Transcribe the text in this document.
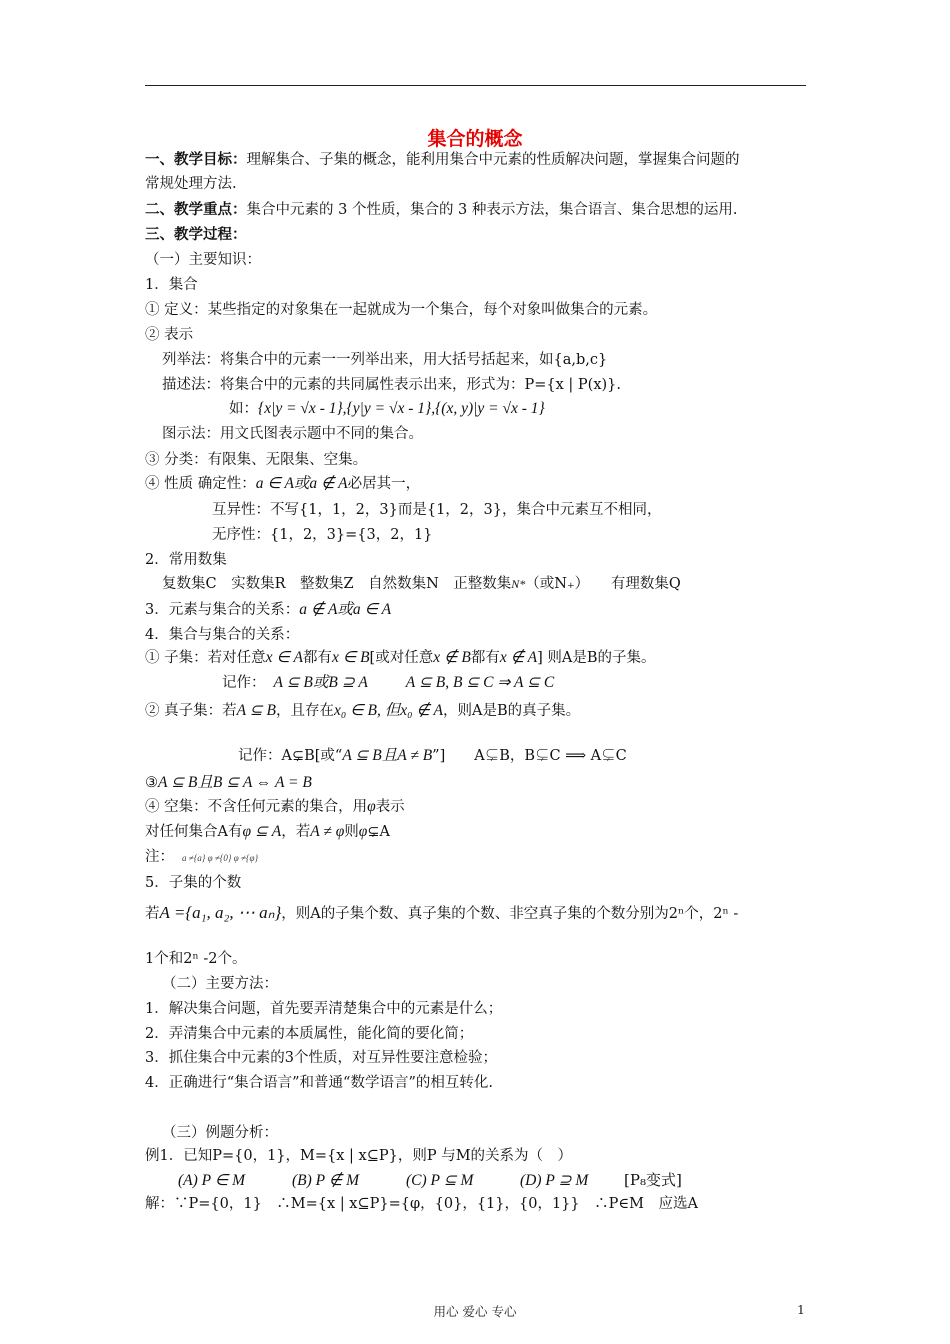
集合的概念
一、教学目标：理解集合、子集的概念，能利用集合中元素的性质解决问题，掌握集合问题的
常规处理方法.
二、教学重点：集合中元素的 3 个性质，集合的 3 种表示方法，集合语言、集合思想的运用.
三、教学过程：
（一）主要知识：
1．集合
① 定义：某些指定的对象集在一起就成为一个集合，每个对象叫做集合的元素。
② 表示
列举法：将集合中的元素一一列举出来，用大括号括起来，如{a,b,c}
描述法：将集合中的元素的共同属性表示出来，形式为：P={x | P(x)}.
如：{x|y = √x - 1},{y|y = √x - 1},{(x, y)|y = √x - 1}
图示法：用文氏图表示题中不同的集合。
③ 分类：有限集、无限集、空集。
④ 性质 确定性：a ∈ A或a ∉ A必居其一，
互异性：不写{1，1，2，3}而是{1，2，3}，集合中元素互不相同，
无序性：{1，2，3}={3，2，1}
2．常用数集
复数集C　实数集R　整数集Z　自然数集N　正整数集N*（或N₊）　　有理数集Q
3．元素与集合的关系：a ∉ A或a ∈ A
4．集合与集合的关系：
① 子集：若对任意x ∈ A都有x ∈ B[或对任意x ∉ B都有x ∉ A] 则A是B的子集。
记作： A ⊆ B或B ⊇ A A ⊆ B, B ⊆ C ⇒ A ⊆ C
② 真子集：若A ⊆ B，且存在x₀ ∈ B, 但x₀ ∉ A，则A是B的真子集。
记作：A⊊B[或“A ⊆ B且A ≠ B”]　　A⊊B，B⊊C ⟹ A⊊C
③A ⊆ B且B ⊆ A ⇔ A = B
④ 空集：不含任何元素的集合，用φ表示
对任何集合A有φ ⊆ A，若A ≠ φ则φ⊊A
注： a ≠{a} φ ≠{0} φ ≠{φ}
5．子集的个数
若A ={a₁, a₂, ⋯ aₙ}，则A的子集个数、真子集的个数、非空真子集的个数分别为2ⁿ个，2ⁿ -
1个和2ⁿ -2个。
（二）主要方法：
1．解决集合问题，首先要弄清楚集合中的元素是什么；
2．弄清集合中元素的本质属性，能化简的要化简；
3．抓住集合中元素的3个性质，对互异性要注意检验；
4．正确进行“集合语言”和普通“数学语言”的相互转化.
（三）例题分析：
例1．已知P={0，1}，M={x | x⊆P}，则P 与M的关系为（　）
(A) P ∈ M	(B) P ∉ M	(C) P ⊆ M	(D) P ⊇ M [P₈变式]
解：∵P={0，1}　∴M={x | x⊆P}={φ，{0}，{1}，{0，1}}　∴P∈M　应选A
用心 爱心 专心	1
